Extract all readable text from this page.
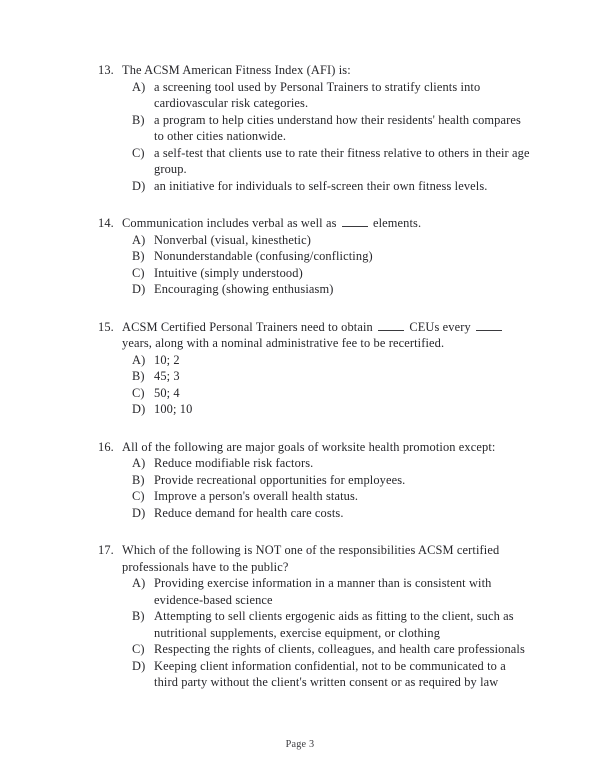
13. The ACSM American Fitness Index (AFI) is:
A) a screening tool used by Personal Trainers to stratify clients into cardiovascular risk categories.
B) a program to help cities understand how their residents' health compares to other cities nationwide.
C) a self-test that clients use to rate their fitness relative to others in their age group.
D) an initiative for individuals to self-screen their own fitness levels.
14. Communication includes verbal as well as  elements.
A) Nonverbal (visual, kinesthetic)
B) Nonunderstandable (confusing/conflicting)
C) Intuitive (simply understood)
D) Encouraging (showing enthusiasm)
15. ACSM Certified Personal Trainers need to obtain  CEUs every  years, along with a nominal administrative fee to be recertified.
A) 10; 2
B) 45; 3
C) 50; 4
D) 100; 10
16. All of the following are major goals of worksite health promotion except:
A) Reduce modifiable risk factors.
B) Provide recreational opportunities for employees.
C) Improve a person's overall health status.
D) Reduce demand for health care costs.
17. Which of the following is NOT one of the responsibilities ACSM certified professionals have to the public?
A) Providing exercise information in a manner than is consistent with evidence-based science
B) Attempting to sell clients ergogenic aids as fitting to the client, such as nutritional supplements, exercise equipment, or clothing
C) Respecting the rights of clients, colleagues, and health care professionals
D) Keeping client information confidential, not to be communicated to a third party without the client's written consent or as required by law
Page 3
